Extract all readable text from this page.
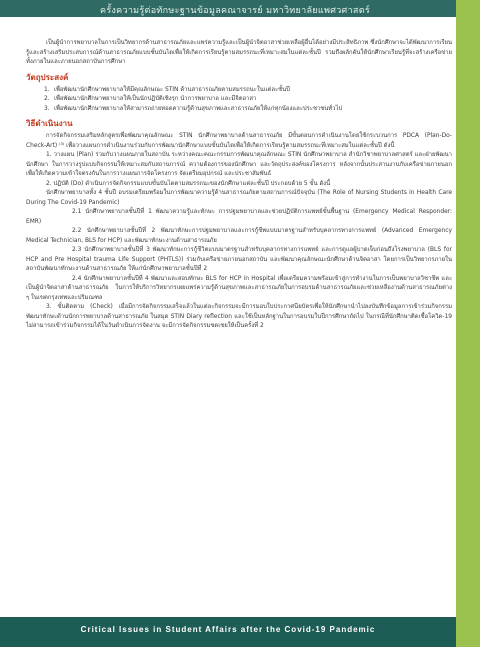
ครั้งความรู้ต่อทักษะฐานข้อมูลคณาจารย์ มหาวิทยาลัยแพศวศาสตร์

เป็นผู้นำการพยาบาลในการเป็นวิทยากรด้านสาธารณภัยและแพร่ความรู้และเป็นผู้นำจิตอาสาช่วยเหลือผู้อื่นได้อย่างมีประสิทธิภาพ ซึ่งนักศึกษาจะได้พัฒนาการเรียนรู้และสร้างเสริมประสบการณ์ด้านสาธารณภัยแบบชั้นบันไดเพื่อให้เกิดการเรียนรู้ตามสมรรถนะที่เหมาะสมในแต่ละชั้นปี รวมถึงผลักดันให้นักศึกษาเรียนรู้ที่จะสร้างเครือข่ายทั้งภายในและภายนอกสถาบันการศึกษา

วัตถุประสงค์
1. เพื่อพัฒนานักศึกษาพยาบาลให้มีคุณลักษณะ STIN ด้านสาธารณภัยตามสมรรถนะในแต่ละชั้นปี
2. เพื่อพัฒนานักศึกษาพยาบาลให้เป็นนักปฏิบัติเชิงรุก นำการพยาบาล และมีจิตอาสา
3. เพื่อพัฒนานักศึกษาพยาบาลให้สามารถถ่ายทอดความรู้ด้านสุขภาพและสาธารณภัยให้แก่ทุกน้องและประชาชนทั่วไป
วิธีดำเนินงาน

การจัดกิจกรรมเสริมหลักสูตรเพื่อพัฒนาคุณลักษณะ STIN นักศึกษาพยาบาลด้านสาธารณภัย มีขั้นตอนการดำเนินงานโดยใช้กระบวนการ PDCA (Plan-Do-Check-Art) ⁽³⁾ เพื่อวางแผนการดำเนินงานร่วมกับการพัฒนานักศึกษาแบบขั้นบันไดเพื่อให้เกิดการเรียนรู้ตามสมรรถนะที่เหมาะสมในแต่ละชั้นปี ดังนี้

1. วางแผน (Plan) ร่วมกับวางแผนภายในสถาบัน ระหว่างคณะคณะกรรมการพัฒนาคุณลักษณะ STIN นักศึกษาพยาบาล สำนักวิชาพยาบาลศาสตร์ และฝ่ายพัฒนานักศึกษา ในการวางรูปแบบกิจกรรมให้เหมาะสมกับสถานการณ์ ความต้องการของนักศึกษา และวัตถุประสงค์ของโครงการ หลังจากนั้นประสานงานกับเครือข่ายภายนอก เพื่อให้เกิดความเข้าใจตรงกันในการวางแผนการจัดโครงการ จัดเตรียมอุปกรณ์ และประชาสัมพันธ์

2. ปฏิบัติ (Do) ดำเนินการจัดกิจกรรมแบบขั้นบันไดตามสมรรถนะของนักศึกษาแต่ละชั้นปี ประกอบด้วย 5 ขั้น ดังนี้

นักศึกษาพยาบาลทั้ง 4 ชั้นปี อบรมเตรียมพร้อมในการพัฒนาความรู้ด้านสาธารณภัยตามสถานการณ์ปัจจุบัน (The Role of Nursing Students in Health Care During The Covid-19 Pandemic)

2.1 นักศึกษาพยาบาลชั้นปีที่ 1 พัฒนาความรู้และทักษะ การปฐมพยาบาลและช่วยปฏิบัติการแพทย์ขั้นพื้นฐาน (Emergency Medical Responder: EMR)

2.2 นักศึกษาพยาบาลชั้นปีที่ 2 พัฒนาทักษะการปฐมพยาบาลและการกู้ชีพแบบมาตรฐานสำหรับบุคลากรทางการแพทย์ (Advanced Emergency Medical Technician, BLS for HCP) และพัฒนาทักษะงานด้านสาธารณภัย

2.3 นักศึกษาพยาบาลชั้นปีที่ 3 พัฒนาทักษะการกู้ชีวิตแบบมาตรฐานสำหรับบุคลากรทางการแพทย์ และการดูแลผู้บาดเจ็บก่อนถึงโรงพยาบาล (BLS for HCP and Pre Hospital trauma Life Support (PHTLS)) ร่วมกับเครือข่ายภายนอกสถาบัน และพัฒนาคุณลักษณะนักศึกษาด้านจิตอาสา โดยการเป็นวิทยากรภายในสถาบันพัฒนาทักษะงานด้านสาธารณภัย ให้แก่นักศึกษาพยาบาลชั้นปีที่ 2

2.4 นักศึกษาพยาบาลชั้นปีที่ 4 พัฒนาและสอบทักษะ BLS for HCP in Hospital เพื่อเตรียมความพร้อมเข้าสู่การทำงานในการเป็นพยาบาลวิชาชีพ และเป็นผู้นำจิตอาสาด้านสาธารณภัย ในการให้บริการวิทยากรเผยแพร่ความรู้ด้านสุขภาพและสาธารณภัยในการอบรมด้านสาธารณภัยและช่วยเหลืองานด้านสาธารณภัยต่าง ๆ ในเขตกรุงเทพและปริมณฑล

3. ขั้นติดตาม (Check) เมื่อมีการจัดกิจกรรมเสร็จแล้วในแต่ละกิจกรรมจะมีการมอบใบประกาศนียบัตรเพื่อให้นักศึกษานำไปลงบันทึกข้อมูลการเข้าร่วมกิจกรรมพัฒนาทักษะด้านนักการพยาบาลด้านสาธารณภัย ในสมุด STIN Diary reflection และใช้เป็นหลักฐานในการอบรมในปีการศึกษาถัดไป ในกรณีที่นักศึกษาติดเชื้อโควิด-19 ไม่สามารถเข้าร่วมกิจกรรมได้ในวันดำเนินการจัดงาน จะมีการจัดกิจกรรมชดเชยให้เป็นครั้งที่ 2

Critical Issues in Student Affairs after the Covid-19 Pandemic
